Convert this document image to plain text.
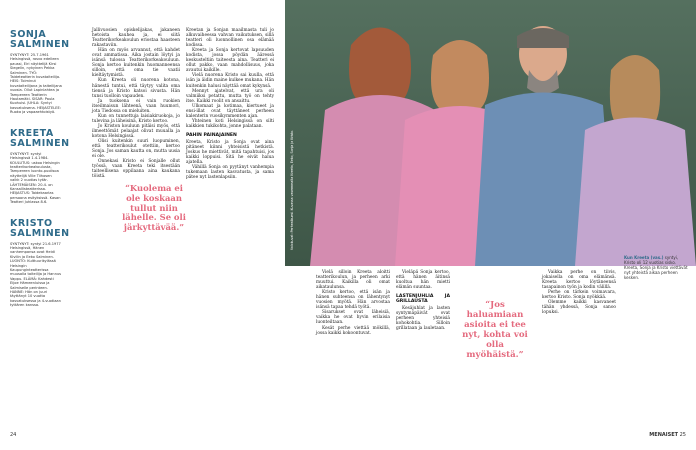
SONJA SALMINEN
SYNTYNYT: 25.7.1961 Helsingissä, rosvo edelleen paussi, Eiri näyttelijä Kirsi Siegelin, nykyinen Pekka Salminen. TYÖ: Taideteatterin kuvataiteilija. HEIS: Toiminut kuvataiteilijana ja taiteilijana vuosia. Ollut Lapinlahtea ja Tampereen Teatterin Hautamäki. SISAR: Paula Kuohuisi. JUHLA: Syntyi kasvatuksena. HEIJASTELEE: Ruoka ja vapaaehtoistyö.
KREETA SALMINEN
SYNTYNYT: syntyi Helsingissä 1.4.1984. KOULUTUS: uskoo Helsingin teatterikorkeakoulusta, Tampereen luonto-puolisoa näyttelijä Ville Tiihosen vaikk 2 vuotias tytär. LÄHTEMÄISEN: 20.4. on Kansallisteatterissa. HEIJASTUS: Taidekaarlas persoona esityksissä. Kasan Teatteri Juhlassa 8.6.
KRISTO SALMINEN
SYNTYNYT: syntyi 21.6.1977 Helsingissä, Hänen vanhempansa ovat Heidi Kivilin ja Eeko Salminen. LUONTO: Kulttuurikylässä Helsingin Kaupunginteatterissa muusalla taiteilija ja Hannus Vappu. ELÄMÄ: Kahdesti Eijoe Hämeenluissa ja Salmiselle perinteen. HANNE: Hän on juuri täyttänyt 10 vuotta kasvatuksessa ja 4-vuotiaan tyttären kanssa.

Jallivuosien opiskelijakas, jakaneen hetoista kauhea ja, ei siitä Teatterikorkeakoulun eriostaa haasteen rakastaviin.

Hän on myös arvannut, että kahdet ovat ammatissa. Aika jostain löytyi ja isänsä tulossa Teatterikorkeakouluun. Sonja kertoo kuitenkin huomanneensa silloin, että oma tie vaatii kieltäytymistä.

Kun Kreeta oli nuorena kotona, hänestä tuntui, että täytyy valita oma tiensä ja Kristo katsoi sivusta. Hän tunsi tuolloin vapauden.

Ja tuoksena ei vain ruokien itseilmaisun lähteenä, vaan huumori, jota Tiedossa on mieluiten.

Kun on tunnettuja laisiakiruokoja, jo tulevina ja läheisinä, Kristo kertoo.

Jo Kriston kouluun pitäisi myös, että ilmeettömät pelaajat olivat muualla ja kotona Helsingissä.

Olisi kuitenkin suuri luopuminen, että teatterikoulut otettiin, kertoo Sonja. Jos saman kautta on, mutta uusia ei ole.

Onnekasi Kristo ei Sonjalle ollut työssä, vaan Kreeta teki itsestään taiteellisena oppilaana aina kaukana töistä.

Kreetan ja Sonjan maailmasta tuli jo alkuvaiheessa vahvan vaikutuksen, sillä teatteri oli luonnollinen osa elämää kodissa.

Kreeta ja Sonja kertovat lapsuuden kodista, jossa pöydän ääressä keskusteltiin taiteesta aina. Teatteri ei ollut pakko, vaan mahdollisuus, joka avautui kaikille.

Vielä nuorena Kristo sai kuulla, että isän ja äidin maine kulkee mukana. Hän kuitenkin halusi näyttää omat kykynsä.

Mennyt ajatelvat, että ura oli valmiiksi petattu, mutta työ on tehty itse. Kaikki roolit on ansaittu.

Ulkomaat ja kotimaa, kiertueet ja ensi-illat ovat täyttäneet perheen kalenterin vuosikymmenten ajan.

Yhteinen koti Helsingissä on silti kaikkien tukikohta, jonne palataan.

PAHIN PAINAJAINEN

Kreeta, Kristo ja Sonja ovat aina pitäneet kiinni yhteisistä hetkistä. Joskus he miettivät, mitä tapahtuisi, jos kaikki loppuisi. Sitä he eivät halua ajatella.

Vähillä Sonja on pyytänyt vanhempia tukemaan lasten kasvatusta, ja sama pätee nyt lastenlapsiin.

“Kuolema ei ole koskaan tullut niin lähelle. Se oli järkyttävää.”
24
Valokuvat: Perhealbumi. Kuvassa vasemmalta Kreeta, Eeko, Sonja ja Kristo.

Vielä silloin Kreeta aloitti teatterikoulun, ja perheen arki muuttui. Kaikilla oli omat aikataulunsa.

Kristo kertoo, että isän ja hänen suhteensa on lähentynyt vuosien myötä. Hän arvostaa isänsä tapaa tehdä työtä.

Sisarukset ovat läheisiä, vaikka he ovat hyvin erilaisia luonteiltaan.

Kesät perhe viettää mökillä, jossa kaikki kokoontuvat.

Vieläpä Sonja kertoo, että hänen äitinsä kuoltua hän mietti elämän suuntaa.

LASTENJUHLIA JA GRILLAUSTA

Kesäjuhlat ja lasten syntymäpäivät ovat perheen yhteisiä kohokohtia. Silloin grillataan ja lauletaan.

“Jos haluamiaan asioita ei tee nyt, kohta voi olla myöhäistä.”

Vaikka perhe on tiivis, jokaisella on oma elämänsä. Kreeta kertoo löytäneensä tasapainon työn ja kodin välillä.

Perhe on tärkein voimavara, kertoo Kristo. Sonja nyökkää.

Olemme kaikki kasvaneet tähän yhdessä, Sonja sanoo lopuksi.

Kun Kreeta (vas.) syntyi, Kristo oli 12 vuotias sisko. Kreeta, Sonja ja Kristo viettävät nyt yhteistä aikaa perheen kesken.
MENAISET 25
